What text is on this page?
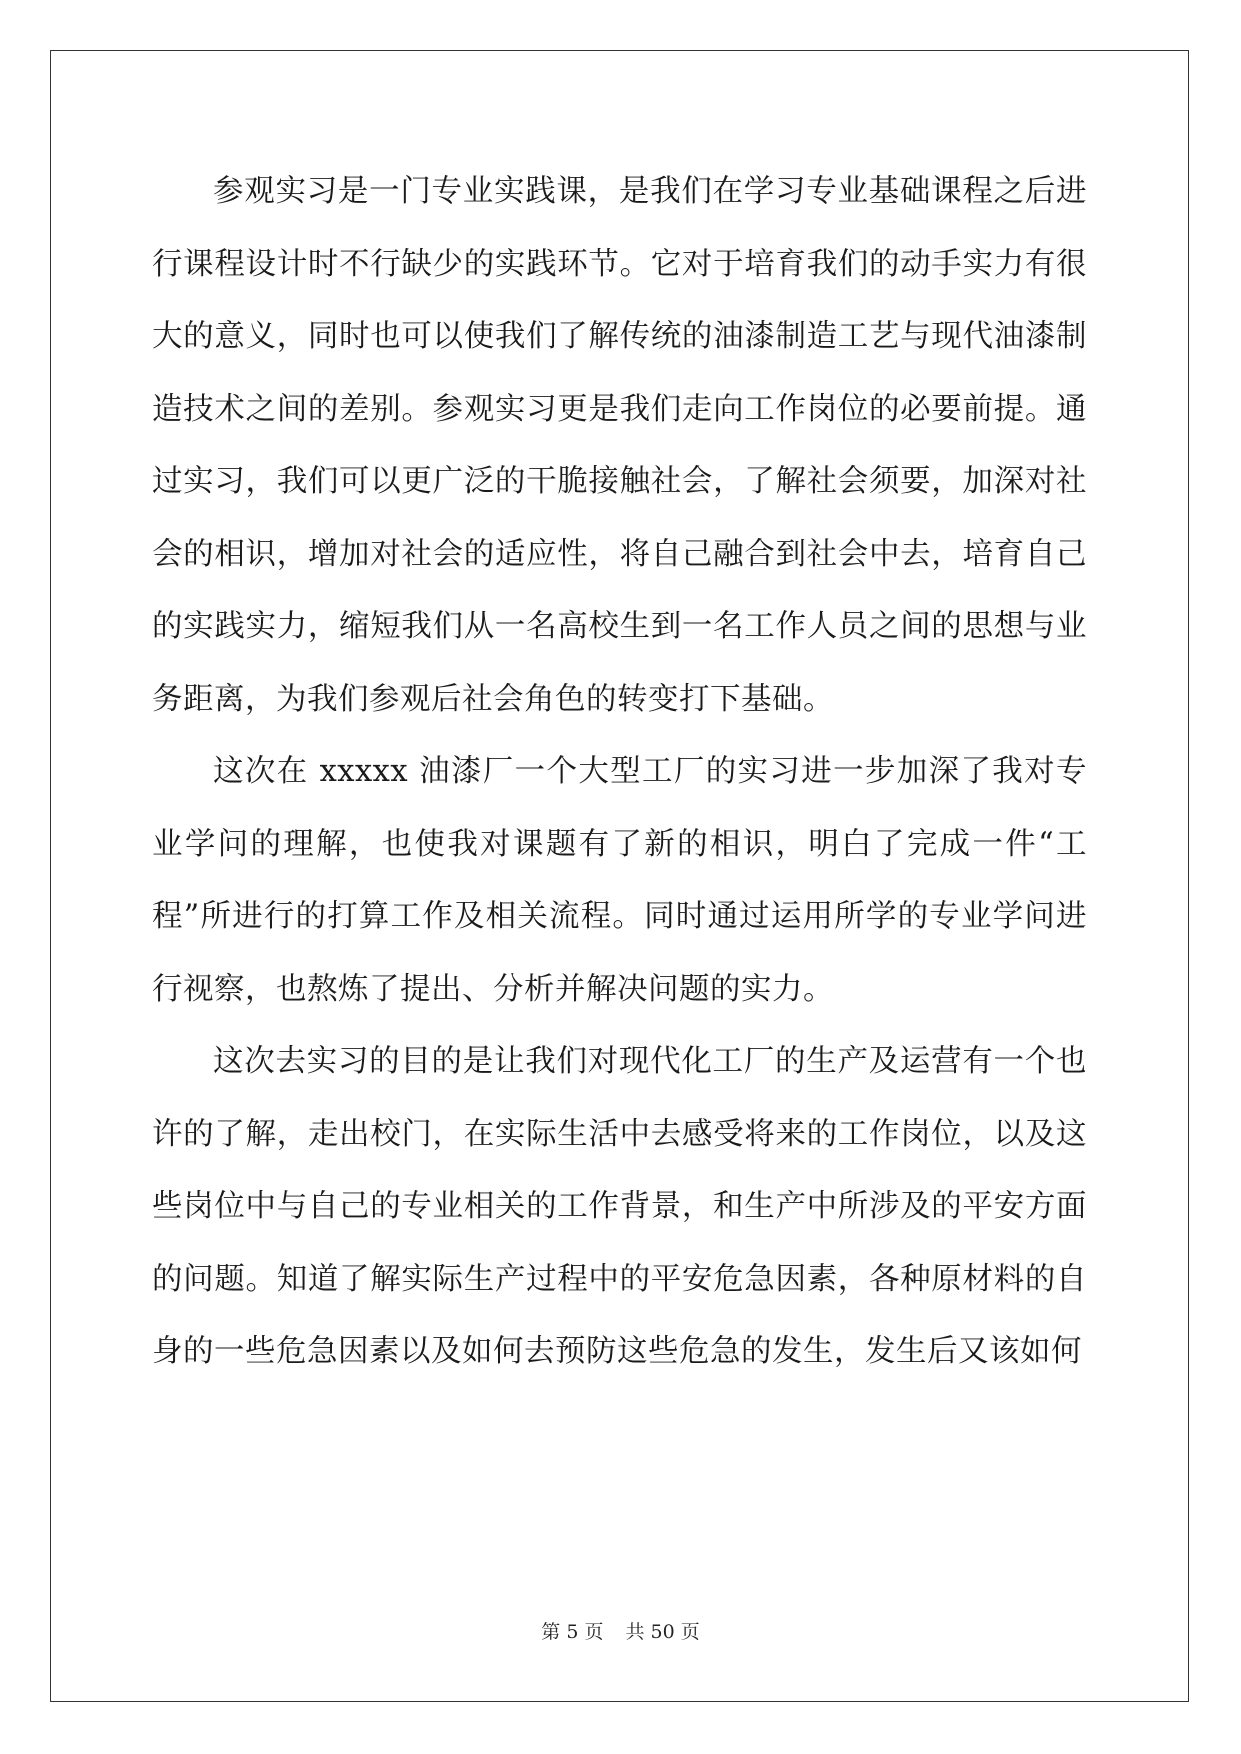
参观实习是一门专业实践课，是我们在学习专业基础课程之后进行课程设计时不行缺少的实践环节。它对于培育我们的动手实力有很大的意义，同时也可以使我们了解传统的油漆制造工艺与现代油漆制造技术之间的差别。参观实习更是我们走向工作岗位的必要前提。通过实习，我们可以更广泛的干脆接触社会，了解社会须要，加深对社会的相识，增加对社会的适应性，将自己融合到社会中去，培育自己的实践实力，缩短我们从一名高校生到一名工作人员之间的思想与业务距离，为我们参观后社会角色的转变打下基础。

这次在 xxxxx 油漆厂一个大型工厂的实习进一步加深了我对专业学问的理解，也使我对课题有了新的相识，明白了完成一件“工程”所进行的打算工作及相关流程。同时通过运用所学的专业学问进行视察，也熬炼了提出、分析并解决问题的实力。

这次去实习的目的是让我们对现代化工厂的生产及运营有一个也许的了解，走出校门，在实际生活中去感受将来的工作岗位，以及这些岗位中与自己的专业相关的工作背景，和生产中所涉及的平安方面的问题。知道了解实际生产过程中的平安危急因素，各种原材料的自身的一些危急因素以及如何去预防这些危急的发生，发生后又该如何

第 5 页 共 50 页
